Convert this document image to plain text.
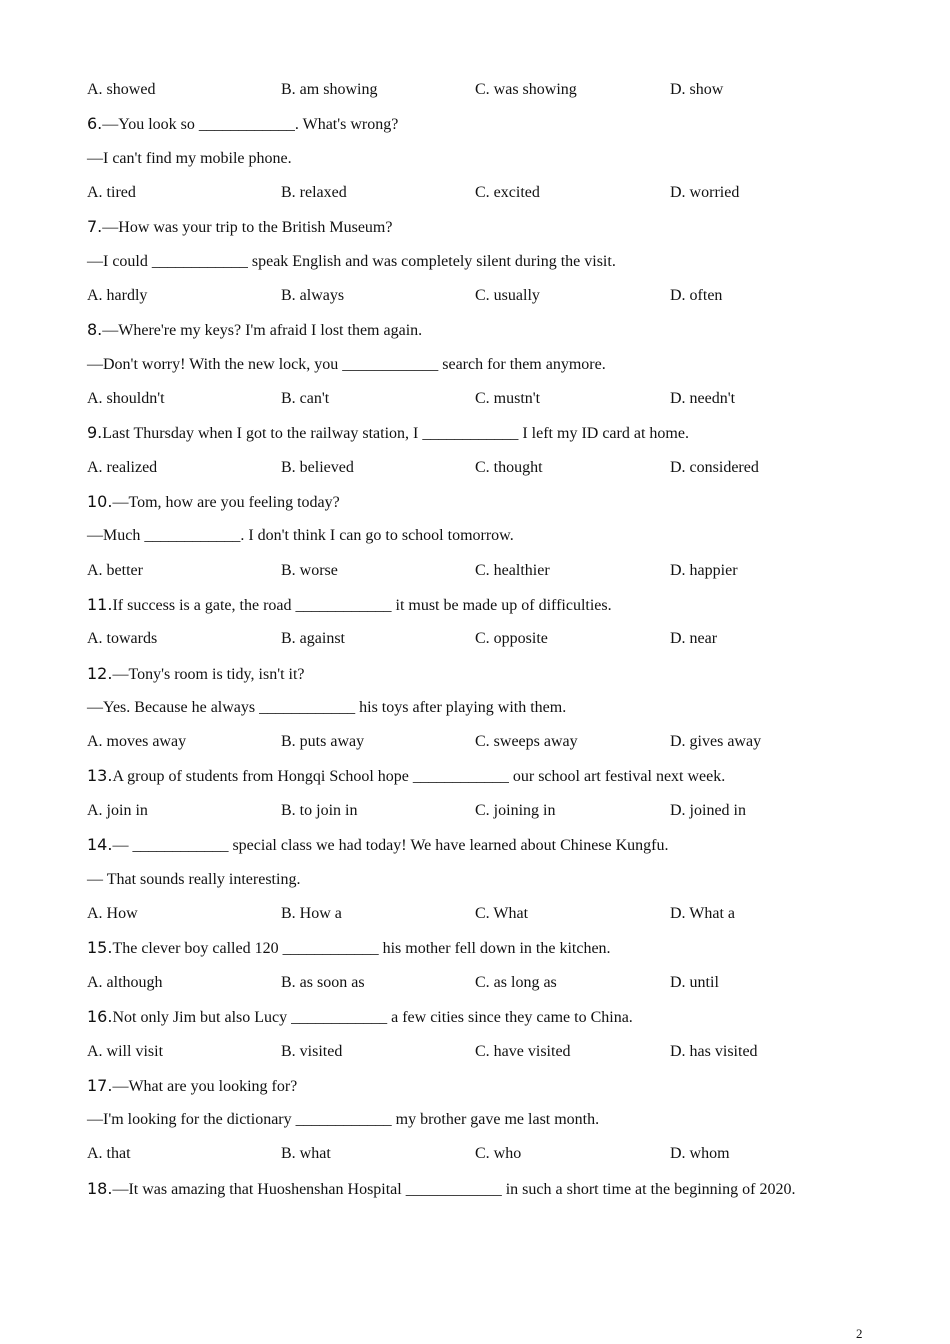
A. showed	B. am showing	C. was showing	D. show
6.—You look so ____________. What's wrong?
—I can't find my mobile phone.
A. tired	B. relaxed	C. excited	D. worried
7.—How was your trip to the British Museum?
—I could ____________ speak English and was completely silent during the visit.
A. hardly	B. always	C. usually	D. often
8.—Where're my keys? I'm afraid I lost them again.
—Don't worry! With the new lock, you ____________ search for them anymore.
A. shouldn't	B. can't	C. mustn't	D. needn't
9.Last Thursday when I got to the railway station, I ____________ I left my ID card at home.
A. realized	B. believed	C. thought	D. considered
10.—Tom, how are you feeling today?
—Much ____________. I don't think I can go to school tomorrow.
A. better	B. worse	C. healthier	D. happier
11.If success is a gate, the road ____________ it must be made up of difficulties.
A. towards	B. against	C. opposite	D. near
12.—Tony's room is tidy, isn't it?
—Yes. Because he always ____________ his toys after playing with them.
A. moves away	B. puts away	C. sweeps away	D. gives away
13.A group of students from Hongqi School hope ____________ our school art festival next week.
A. join in	B. to join in	C. joining in	D. joined in
14.— ____________ special class we had today! We have learned about Chinese Kungfu.
— That sounds really interesting.
A. How	B. How a	C. What	D. What a
15.The clever boy called 120 ____________ his mother fell down in the kitchen.
A. although	B. as soon as	C. as long as	D. until
16.Not only Jim but also Lucy ____________ a few cities since they came to China.
A. will visit	B. visited	C. have visited	D. has visited
17.—What are you looking for?
—I'm looking for the dictionary ____________ my brother gave me last month.
A. that	B. what	C. who	D. whom
18.—It was amazing that Huoshenshan Hospital ____________ in such a short time at the beginning of 2020.
2
